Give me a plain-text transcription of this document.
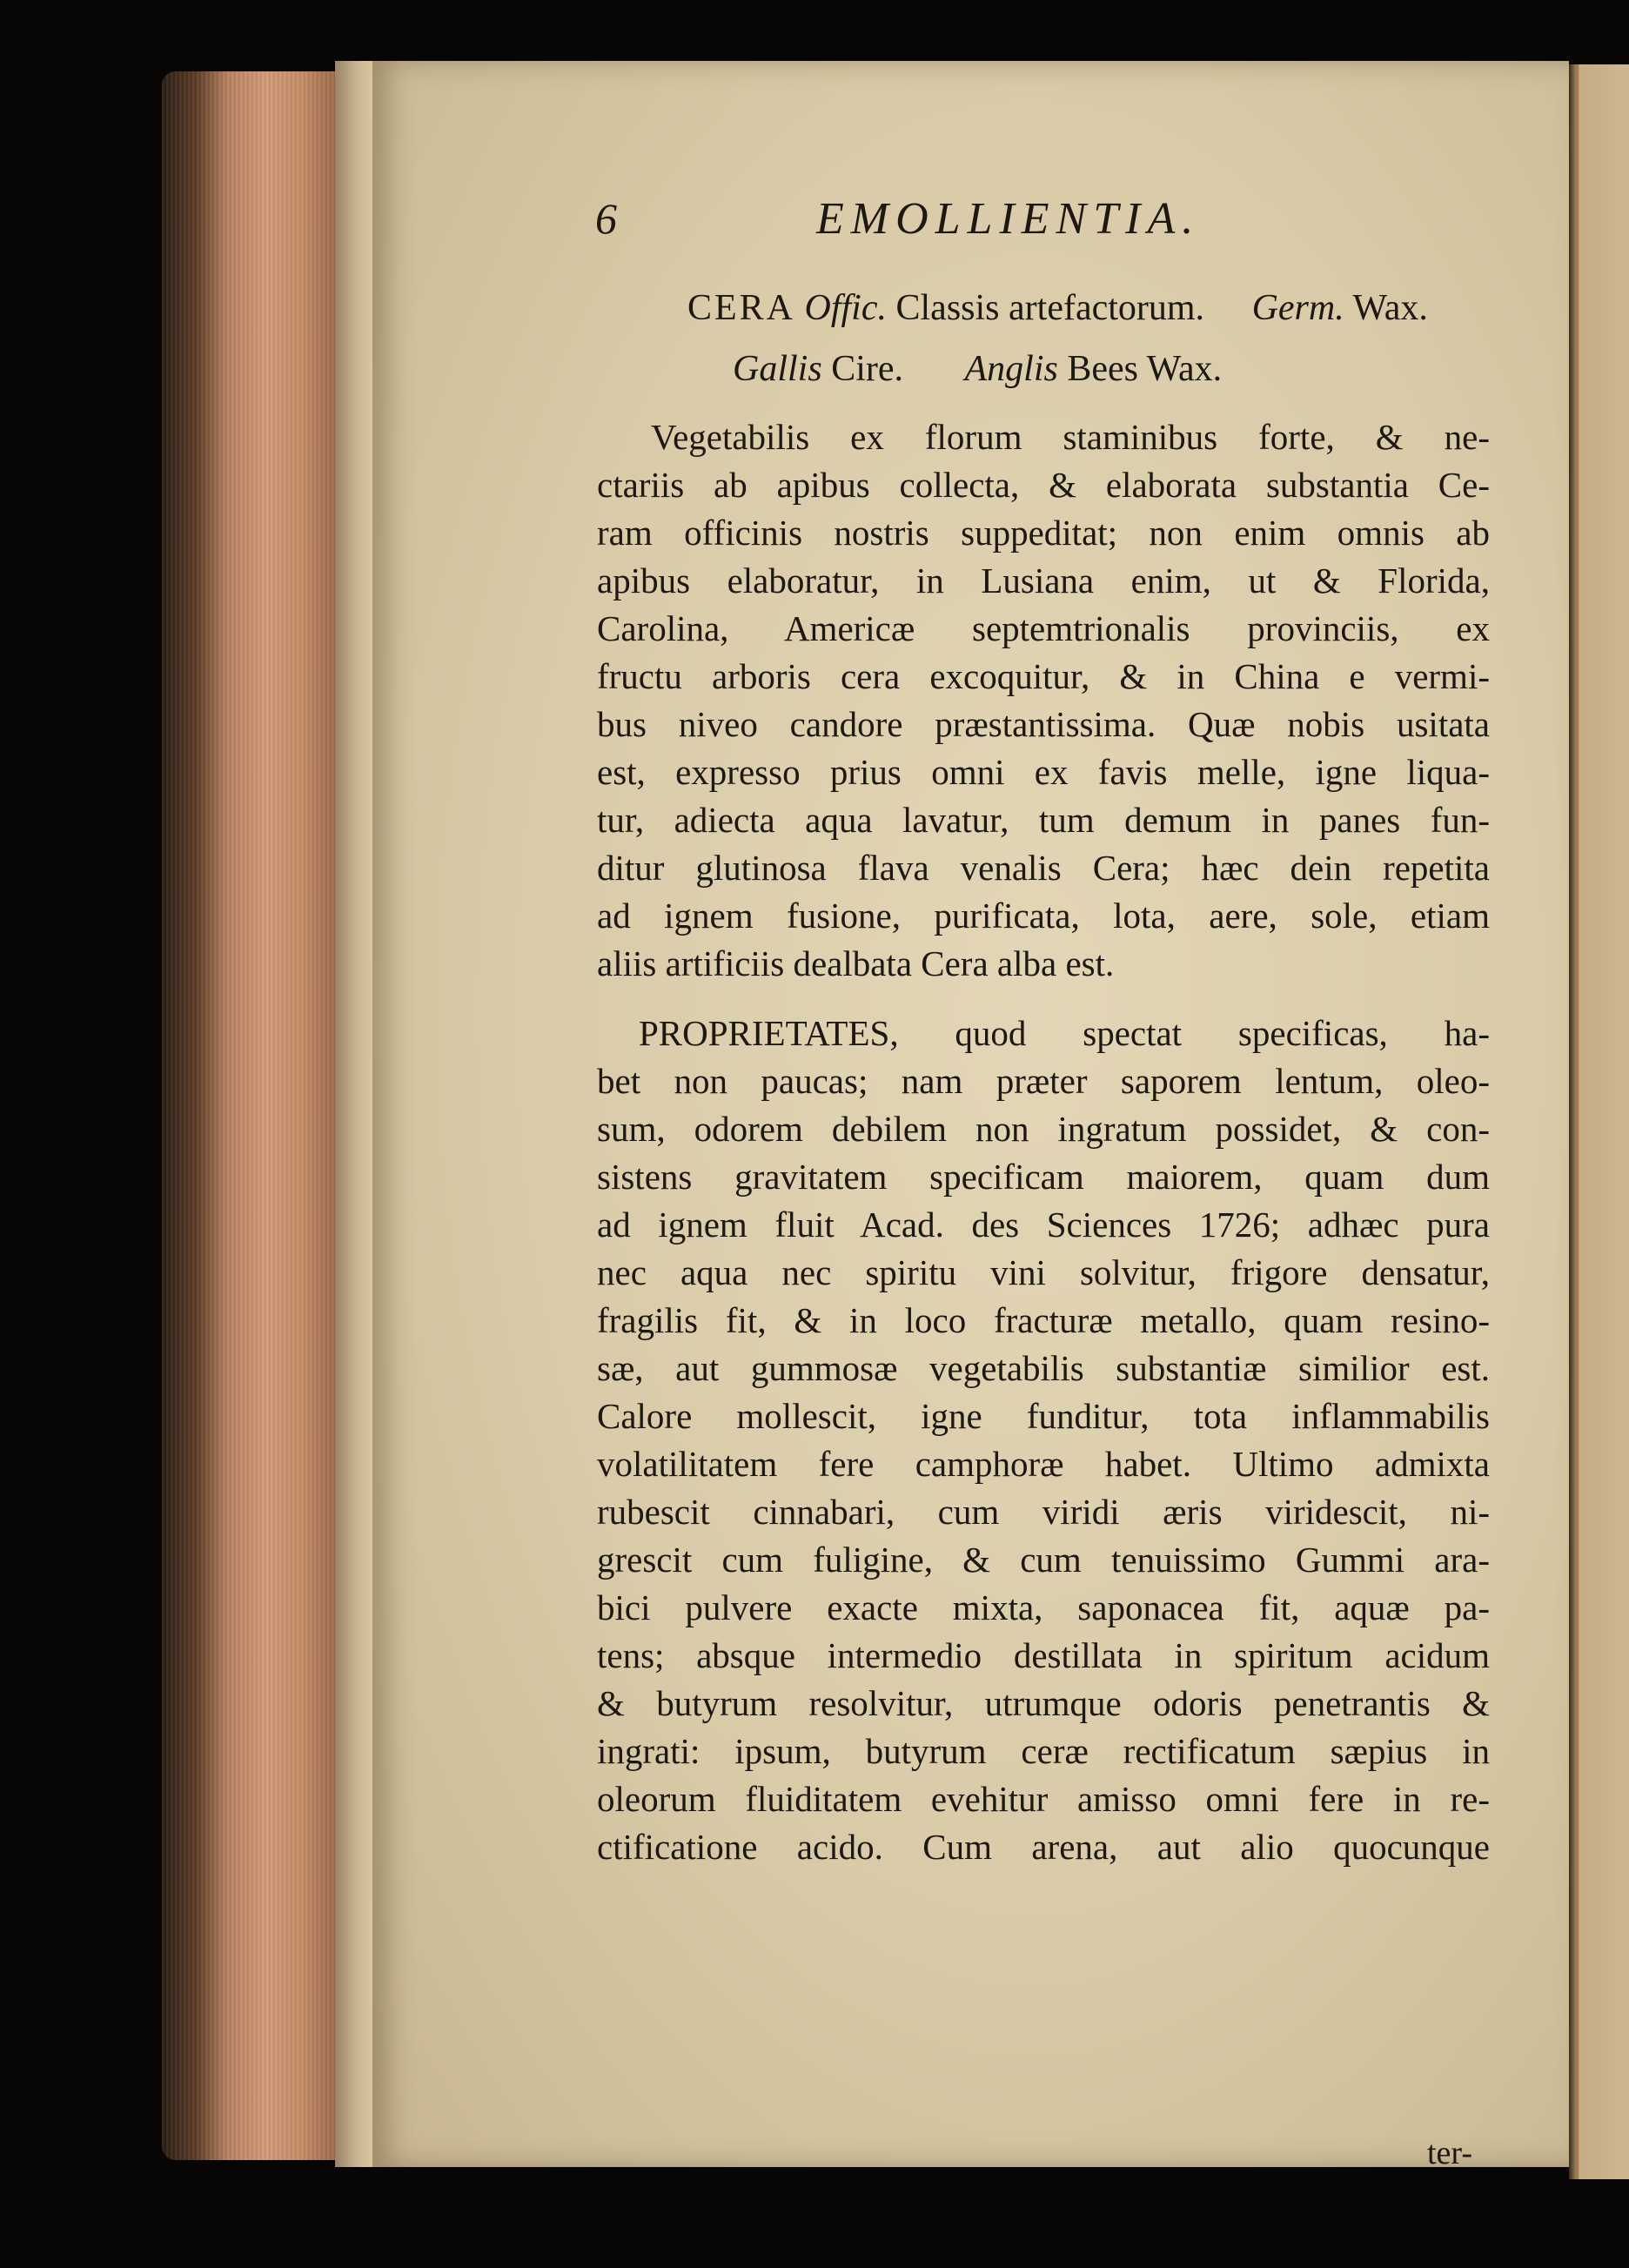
6	EMOLLIENTIA.
CERA Offic. Classis artefactorum. Germ. Wax.
Gallis Cire. Anglis Bees Wax.
Vegetabilis ex florum staminibus forte, & ne-
ctariis ab apibus collecta, & elaborata substantia Ce-
ram officinis nostris suppeditat; non enim omnis ab
apibus elaboratur, in Lusiana enim, ut & Florida,
Carolina, Americæ septemtrionalis provinciis, ex
fructu arboris cera excoquitur, & in China e vermi-
bus niveo candore præstantissima. Quæ nobis usitata
est, expresso prius omni ex favis melle, igne liqua-
tur, adiecta aqua lavatur, tum demum in panes fun-
ditur glutinosa flava venalis Cera; hæc dein repetita
ad ignem fusione, purificata, lota, aere, sole, etiam
aliis artificiis dealbata Cera alba est.
PROPRIETATES, quod spectat specificas, ha-
bet non paucas; nam præter saporem lentum, oleo-
sum, odorem debilem non ingratum possidet, & con-
sistens gravitatem specificam maiorem, quam dum
ad ignem fluit Acad. des Sciences 1726; adhæc pura
nec aqua nec spiritu vini solvitur, frigore densatur,
fragilis fit, & in loco fracturæ metallo, quam resino-
sæ, aut gummosæ vegetabilis substantiæ similior est.
Calore mollescit, igne funditur, tota inflammabilis
volatilitatem fere camphoræ habet. Ultimo admixta
rubescit cinnabari, cum viridi æris viridescit, ni-
grescit cum fuligine, & cum tenuissimo Gummi ara-
bici pulvere exacte mixta, saponacea fit, aquæ pa-
tens; absque intermedio destillata in spiritum acidum
& butyrum resolvitur, utrumque odoris penetrantis &
ingrati: ipsum, butyrum ceræ rectificatum sæpius in
oleorum fluiditatem evehitur amisso omni fere in re-
ctificatione acido. Cum arena, aut alio quocunque
ter-
